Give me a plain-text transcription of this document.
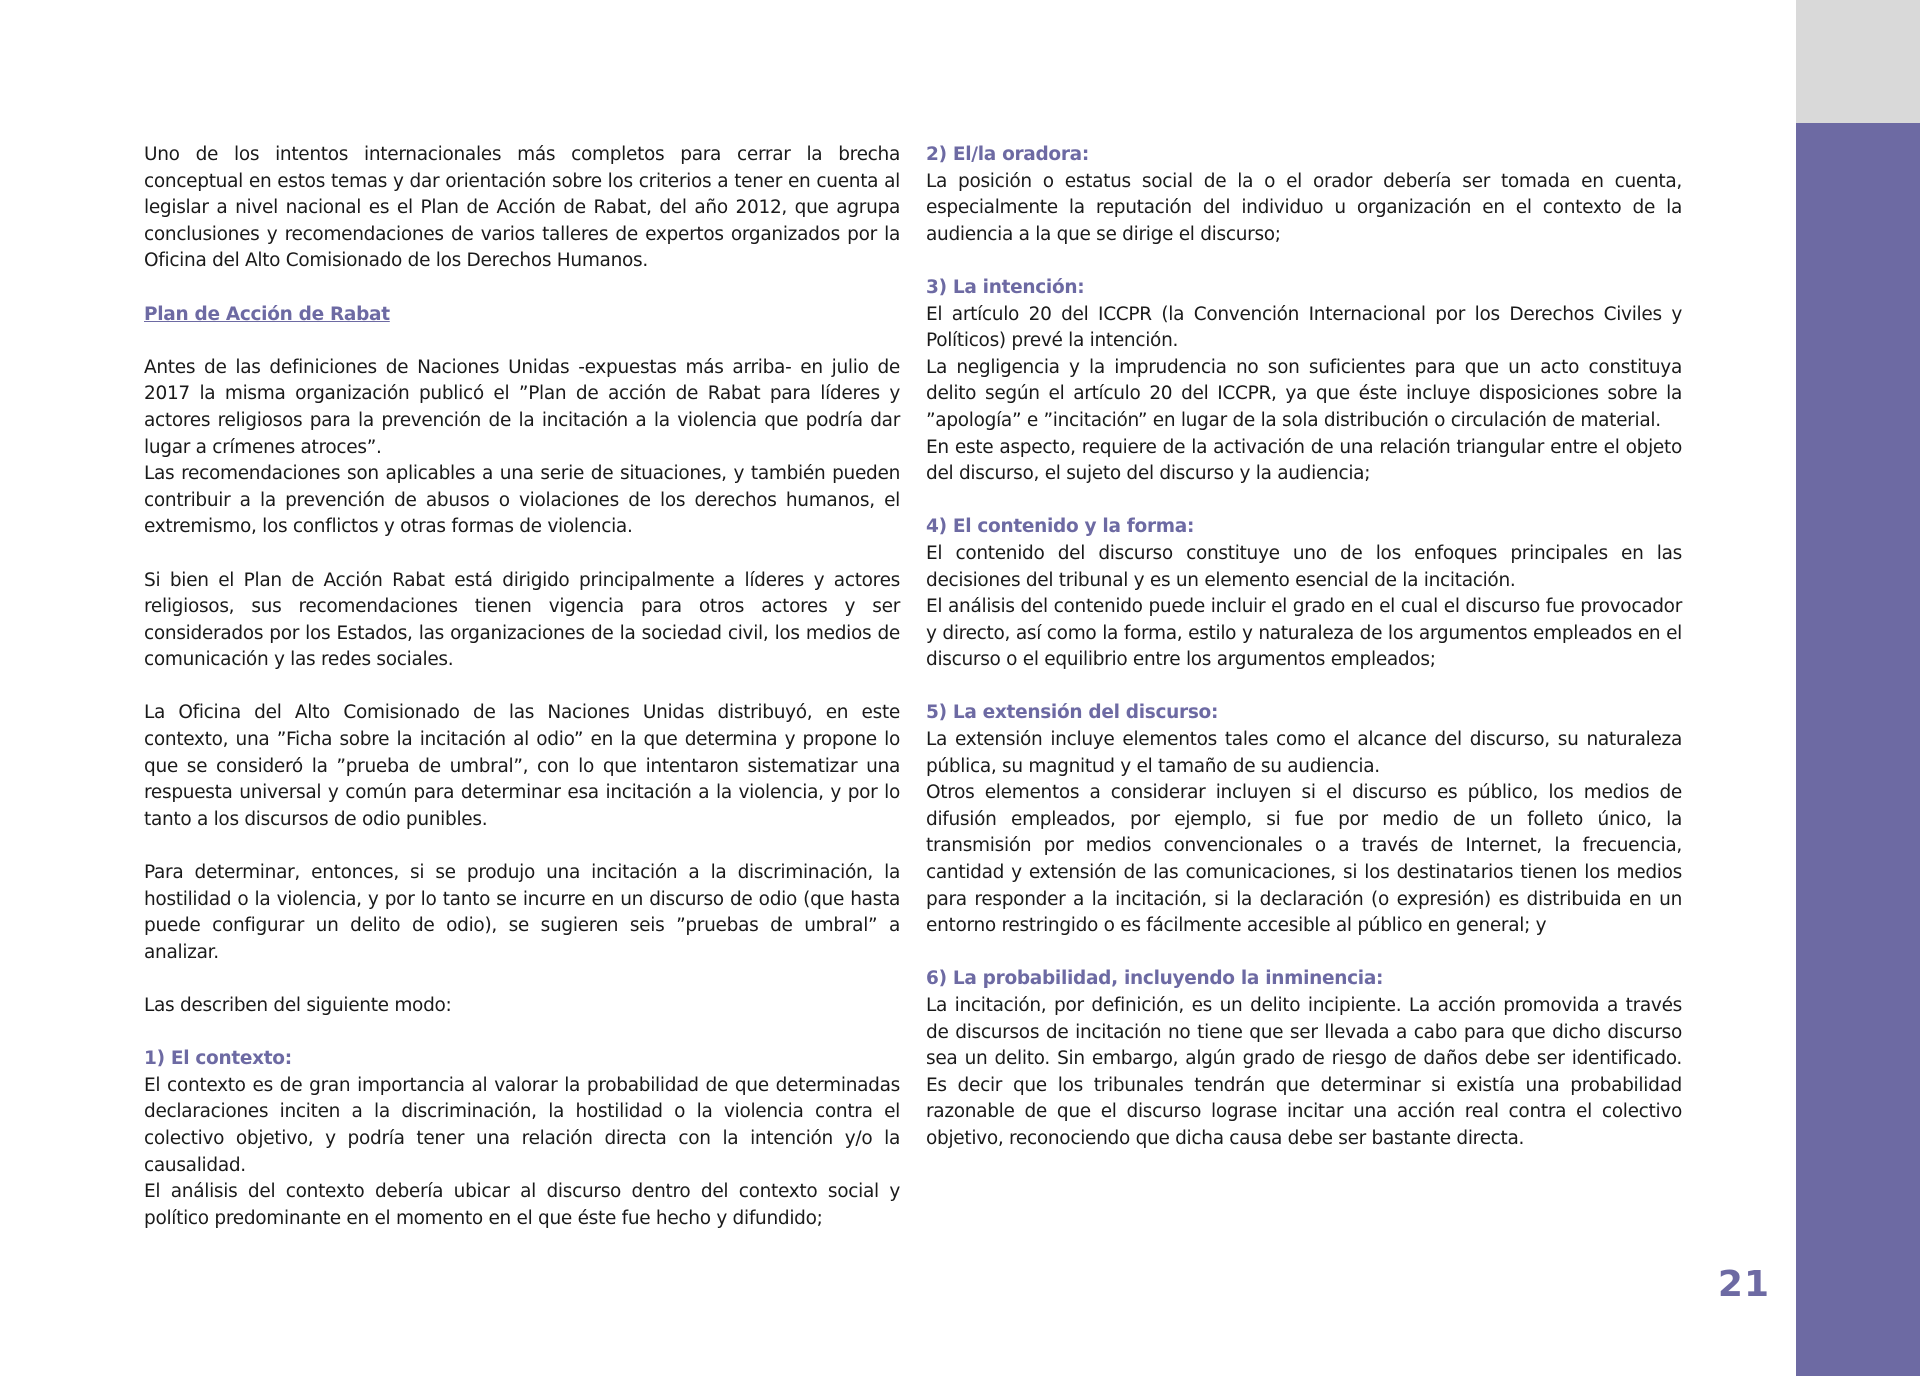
21

Uno de los intentos internacionales más completos para cerrar la brecha conceptual en estos temas y dar orientación sobre los criterios a tener en cuenta al legislar a nivel nacional es el Plan de Acción de Rabat, del año 2012, que agrupa conclusiones y recomendaciones de varios talleres de expertos organizados por la Oficina del Alto Comisionado de los Derechos Humanos.

Plan de Acción de Rabat

Antes de las definiciones de Naciones Unidas -expuestas más arriba- en julio de 2017 la misma organización publicó el ”Plan de acción de Rabat para líderes y actores religiosos para la prevención de la incitación a la violencia que podría dar lugar a crímenes atroces”.

Las recomendaciones son aplicables a una serie de situaciones, y también pueden contribuir a la prevención de abusos o violaciones de los derechos humanos, el extremismo, los conflictos y otras formas de violencia.

Si bien el Plan de Acción Rabat está dirigido principalmente a líderes y actores religiosos, sus recomendaciones tienen vigencia para otros actores y ser considerados por los Estados, las organizaciones de la sociedad civil, los medios de comunicación y las redes sociales.

La Oficina del Alto Comisionado de las Naciones Unidas distribuyó, en este contexto, una ”Ficha sobre la incitación al odio” en la que determina y propone lo que se consideró la ”prueba de umbral”, con lo que intentaron sistematizar una respuesta universal y común para determinar esa incitación a la violencia, y por lo tanto a los discursos de odio punibles.

Para determinar, entonces, si se produjo una incitación a la discriminación, la hostilidad o la violencia, y por lo tanto se incurre en un discurso de odio (que hasta puede configurar un delito de odio), se sugieren seis ”pruebas de umbral” a analizar.

Las describen del siguiente modo:

1) El contexto:

El contexto es de gran importancia al valorar la probabilidad de que determinadas declaraciones inciten a la discriminación, la hostilidad o la violencia contra el colectivo objetivo, y podría tener una relación directa con la intención y/o la causalidad.

El análisis del contexto debería ubicar al discurso dentro del contexto social y político predominante en el momento en el que éste fue hecho y difundido;

2) El/la oradora:

La posición o estatus social de la o el orador debería ser tomada en cuenta, especialmente la reputación del individuo u organización en el contexto de la audiencia a la que se dirige el discurso;

3) La intención:

El artículo 20 del ICCPR (la Convención Internacional por los Derechos Civiles y Políticos) prevé la intención.

La negligencia y la imprudencia no son suficientes para que un acto constituya delito según el artículo 20 del ICCPR, ya que éste incluye disposiciones sobre la ”apología” e ”incitación” en lugar de la sola distribución o circulación de material.

En este aspecto, requiere de la activación de una relación triangular entre el objeto del discurso, el sujeto del discurso y la audiencia;

4) El contenido y la forma:

El contenido del discurso constituye uno de los enfoques principales en las decisiones del tribunal y es un elemento esencial de la incitación.

El análisis del contenido puede incluir el grado en el cual el discurso fue provocador y directo, así como la forma, estilo y naturaleza de los argumentos empleados en el discurso o el equilibrio entre los argumentos empleados;

5) La extensión del discurso:

La extensión incluye elementos tales como el alcance del discurso, su naturaleza pública, su magnitud y el tamaño de su audiencia.

Otros elementos a considerar incluyen si el discurso es público, los medios de difusión empleados, por ejemplo, si fue por medio de un folleto único, la transmisión por medios convencionales o a través de Internet, la frecuencia, cantidad y extensión de las comunicaciones, si los destinatarios tienen los medios para responder a la incitación, si la declaración (o expresión) es distribuida en un entorno restringido o es fácilmente accesible al público en general; y

6) La probabilidad, incluyendo la inminencia:

La incitación, por definición, es un delito incipiente. La acción promovida a través de discursos de incitación no tiene que ser llevada a cabo para que dicho discurso sea un delito. Sin embargo, algún grado de riesgo de daños debe ser identificado. Es decir que los tribunales tendrán que determinar si existía una probabilidad razonable de que el discurso lograse incitar una acción real contra el colectivo objetivo, reconociendo que dicha causa debe ser bastante directa.
